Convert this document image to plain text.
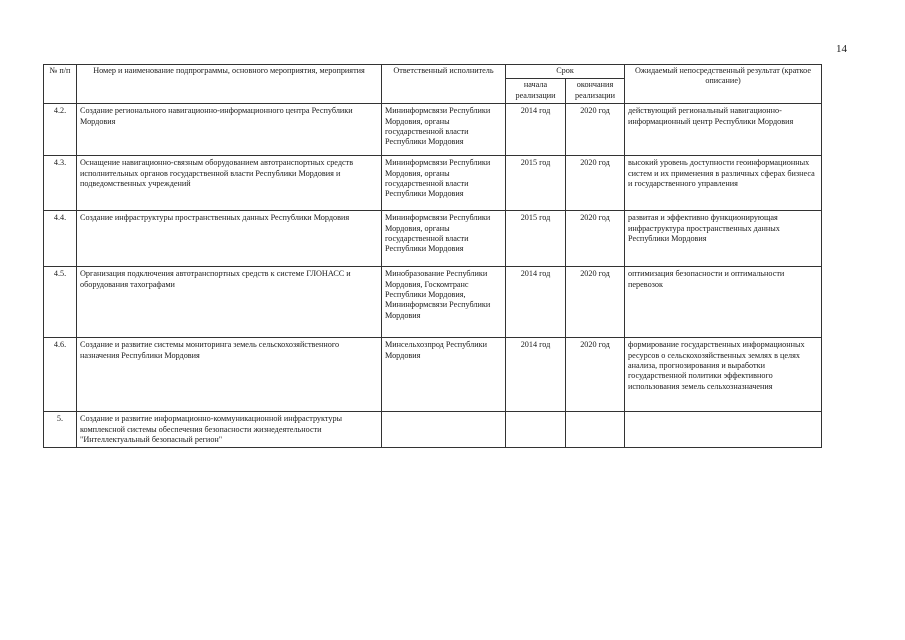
14
№ п/п	Номер и наименование подпрограммы, основного мероприятия, мероприятия	Ответственный исполнитель	Срок		Ожидаемый непосредственный результат (краткое описание)
			начала реализации	окончания реализации	
4.2.	Создание регионального навигационно-информационного центра Республики Мордовия	Мининформсвязи Республики Мордовия, органы государственной власти Республики Мордовия	2014 год	2020 год	действующий региональный навигационно-информационный центр Республики Мордовия
4.3.	Оснащение навигационно-связным оборудованием автотранспортных средств исполнительных органов государственной власти Республики Мордовия и подведомственных учреждений	Мининформсвязи Республики Мордовия, органы государственной власти Республики Мордовия	2015 год	2020 год	высокий уровень доступности геоинформационных систем и их применения в различных сферах бизнеса и государственного управления
4.4.	Создание инфраструктуры пространственных данных Республики Мордовия	Мининформсвязи Республики Мордовия, органы государственной власти Республики Мордовия	2015 год	2020 год	развитая и эффективно функционирующая инфраструктура пространственных данных Республики Мордовия
4.5.	Организация подключения автотранспортных средств к системе ГЛОНАСС и оборудования тахографами	Минобразование Республики Мордовия, Госкомтранс Республики Мордовия, Мининформсвязи Республики Мордовия	2014 год	2020 год	оптимизация безопасности и оптимальности перевозок
4.6.	Создание и развитие системы мониторинга земель сельскохозяйственного назначения Республики Мордовия	Минсельхозпрод Республики Мордовия	2014 год	2020 год	формирование государственных информационных ресурсов о сельскохозяйственных землях в целях анализа, прогнозирования и выработки государственной политики эффективного использования земель сельхозназначения
5.	Создание и развитие информационно-коммуникационной инфраструктуры комплексной системы обеспечения безопасности жизнедеятельности "Интеллектуальный безопасный регион"				
